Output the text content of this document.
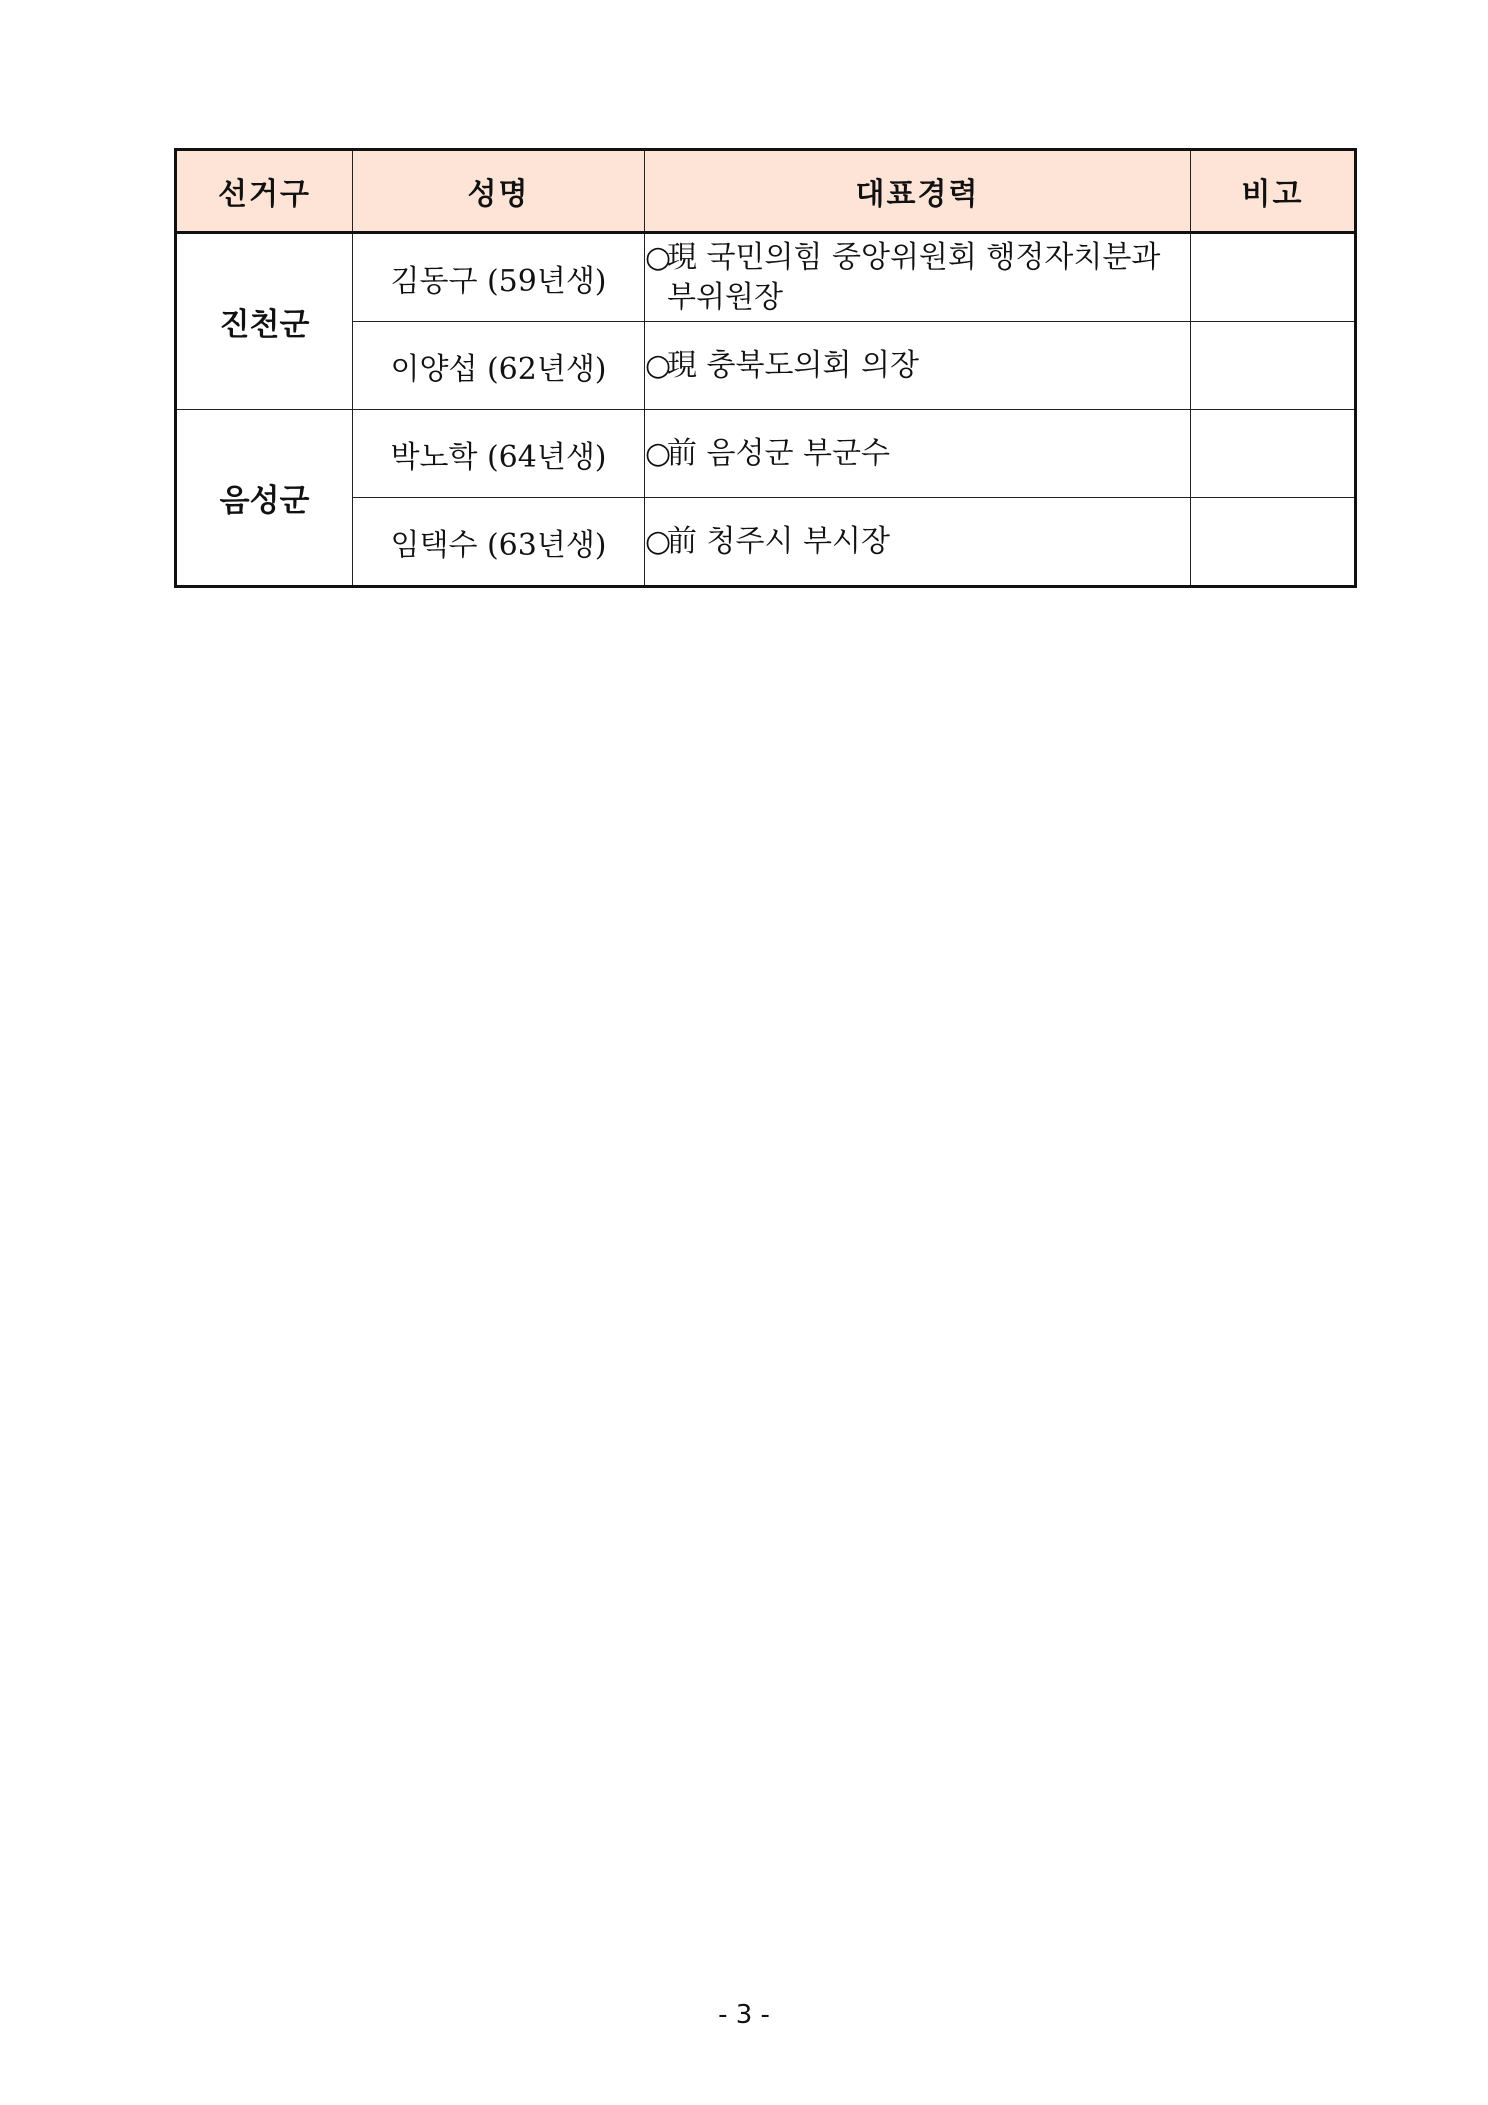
선거구	성명	대표경력	비고
진천군	김동구 (59년생)	○現 국민의힘 중앙위원회 행정자치분과
부위원장	

	이양섭 (62년생)	○現 충북도의회 의장	
음성군	박노학 (64년생)	○前 음성군 부군수	
	임택수 (63년생)	○前 청주시 부시장	
- 3 -
